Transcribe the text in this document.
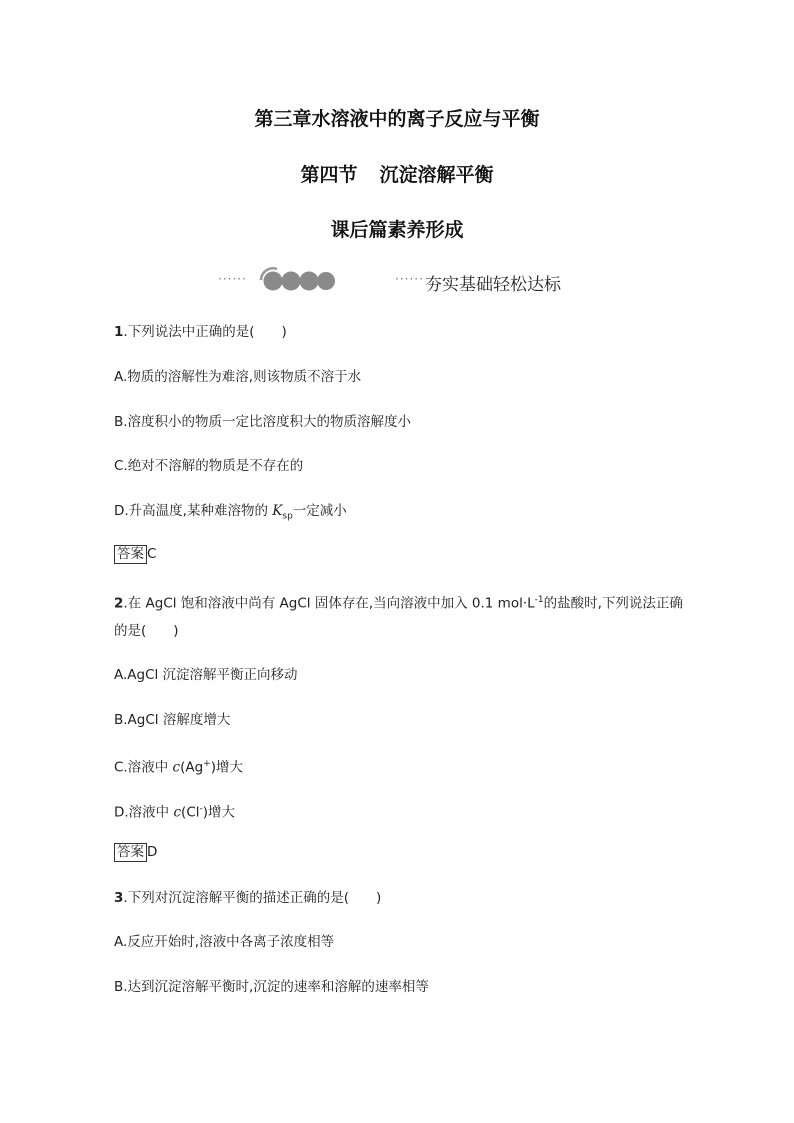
第三章水溶液中的离子反应与平衡
第四节 沉淀溶解平衡
课后篇素养形成
······	······ 夯实基础轻松达标
1.下列说法中正确的是(　　)
A.物质的溶解性为难溶,则该物质不溶于水
B.溶度积小的物质一定比溶度积大的物质溶解度小
C.绝对不溶解的物质是不存在的
D.升高温度,某种难溶物的 $K_{sp}$一定减小
答案 C
2.在 AgCl 饱和溶液中尚有 AgCl 固体存在,当向溶液中加入 0.1 $mol\cdot L^{-1}$的盐酸时,下列说法正确
的是(　　)
A.AgCl 沉淀溶解平衡正向移动
B.AgCl 溶解度增大
C.溶液中 c(Ag+)增大
D.溶液中 c(Cl-)增大
答案 D
3.下列对沉淀溶解平衡的描述正确的是(　　)
A.反应开始时,溶液中各离子浓度相等
B.达到沉淀溶解平衡时,沉淀的速率和溶解的速率相等
